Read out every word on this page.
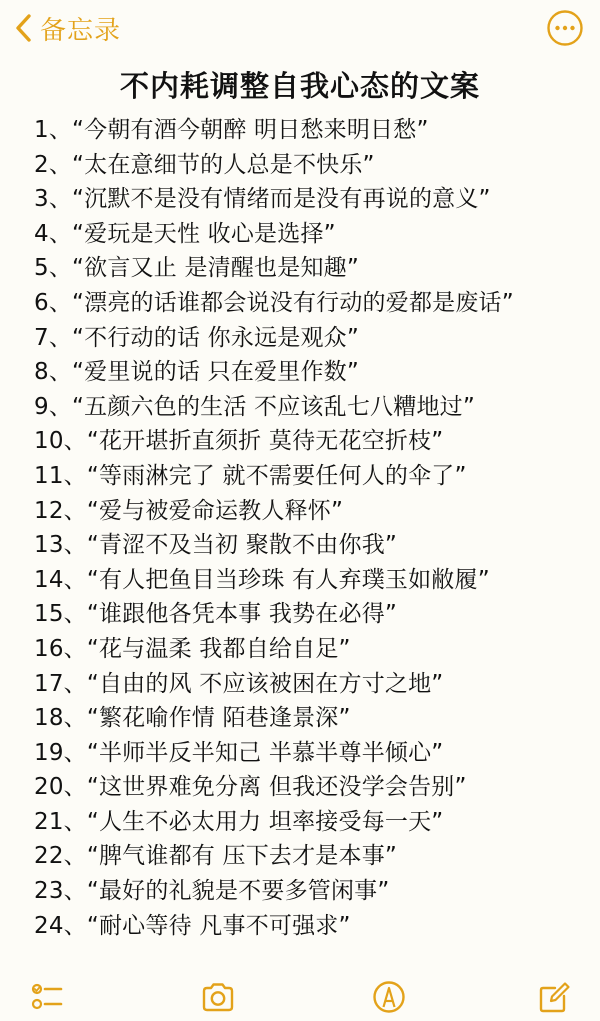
备忘录
不内耗调整自我心态的文案
1、“今朝有酒今朝醉 明日愁来明日愁”
2、“太在意细节的人总是不快乐”
3、“沉默不是没有情绪而是没有再说的意义”
4、“爱玩是天性 收心是选择”
5、“欲言又止 是清醒也是知趣”
6、“漂亮的话谁都会说没有行动的爱都是废话”
7、“不行动的话 你永远是观众”
8、“爱里说的话 只在爱里作数”
9、“五颜六色的生活 不应该乱七八糟地过”
10、“花开堪折直须折 莫待无花空折枝”
11、“等雨淋完了 就不需要任何人的伞了”
12、“爱与被爱命运教人释怀”
13、“青涩不及当初 聚散不由你我”
14、“有人把鱼目当珍珠 有人弃璞玉如敝履”
15、“谁跟他各凭本事 我势在必得”
16、“花与温柔 我都自给自足”
17、“自由的风 不应该被困在方寸之地”
18、“繁花喻作情 陌巷逢景深”
19、“半师半反半知己 半慕半尊半倾心”
20、“这世界难免分离 但我还没学会告别”
21、“人生不必太用力 坦率接受每一天”
22、“脾气谁都有 压下去才是本事”
23、“最好的礼貌是不要多管闲事”
24、“耐心等待 凡事不可强求”
